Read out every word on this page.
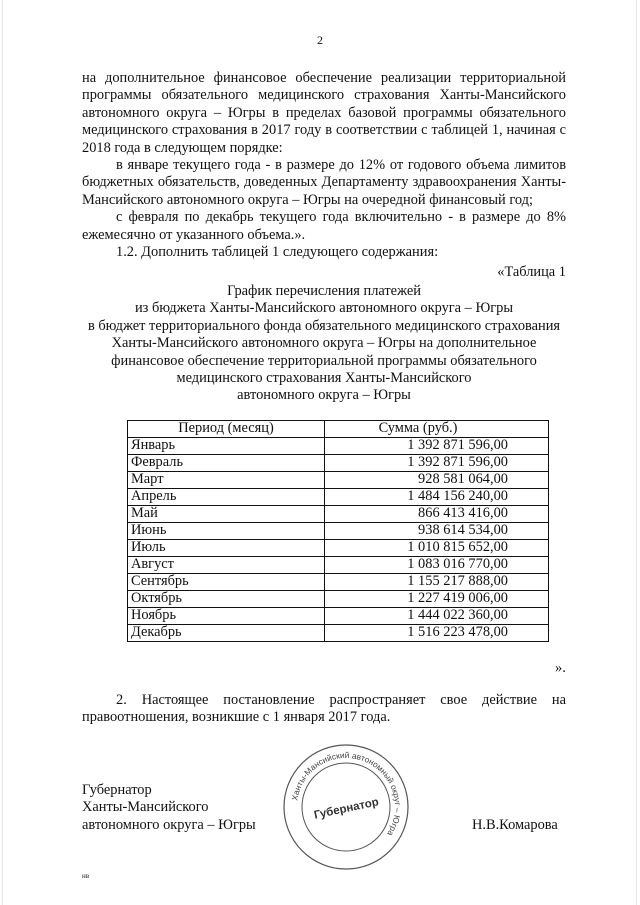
2

на дополнительное финансовое обеспечение реализации территориальной программы обязательного медицинского страхования Ханты-Мансийского автономного округа – Югры в пределах базовой программы обязательного медицинского страхования в 2017 году в соответствии с таблицей 1, начиная с 2018 года в следующем порядке:

в январе текущего года - в размере до 12% от годового объема лимитов бюджетных обязательств, доведенных Департаменту здравоохранения Ханты-Мансийского автономного округа – Югры на очередной финансовый год;

с февраля по декабрь текущего года включительно - в размере до 8% ежемесячно от указанного объема.».

1.2. Дополнить таблицей 1 следующего содержания:

«Таблица 1

График перечисления платежей
из бюджета Ханты-Мансийского автономного округа – Югры
в бюджет территориального фонда обязательного медицинского страхования
Ханты-Мансийского автономного округа – Югры на дополнительное
финансовое обеспечение территориальной программы обязательного
медицинского страхования Ханты-Мансийского
автономного округа – Югры
Период (месяц)	Сумма (руб.)
Январь	1 392 871 596,00
Февраль	1 392 871 596,00
Март	928 581 064,00
Апрель	1 484 156 240,00
Май	866 413 416,00
Июнь	938 614 534,00
Июль	1 010 815 652,00
Август	1 083 016 770,00
Сентябрь	1 155 217 888,00
Октябрь	1 227 419 006,00
Ноябрь	1 444 022 360,00
Декабрь	1 516 223 478,00
».

2. Настоящее постановление распространяет свое действие на правоотношения, возникшие с 1 января 2017 года.

Губернатор
Ханты-Мансийского
автономного округа – Югры
Ханты-Мансийский автономный округ – Югра
Губернатор
Н.В.Комарова
нв
